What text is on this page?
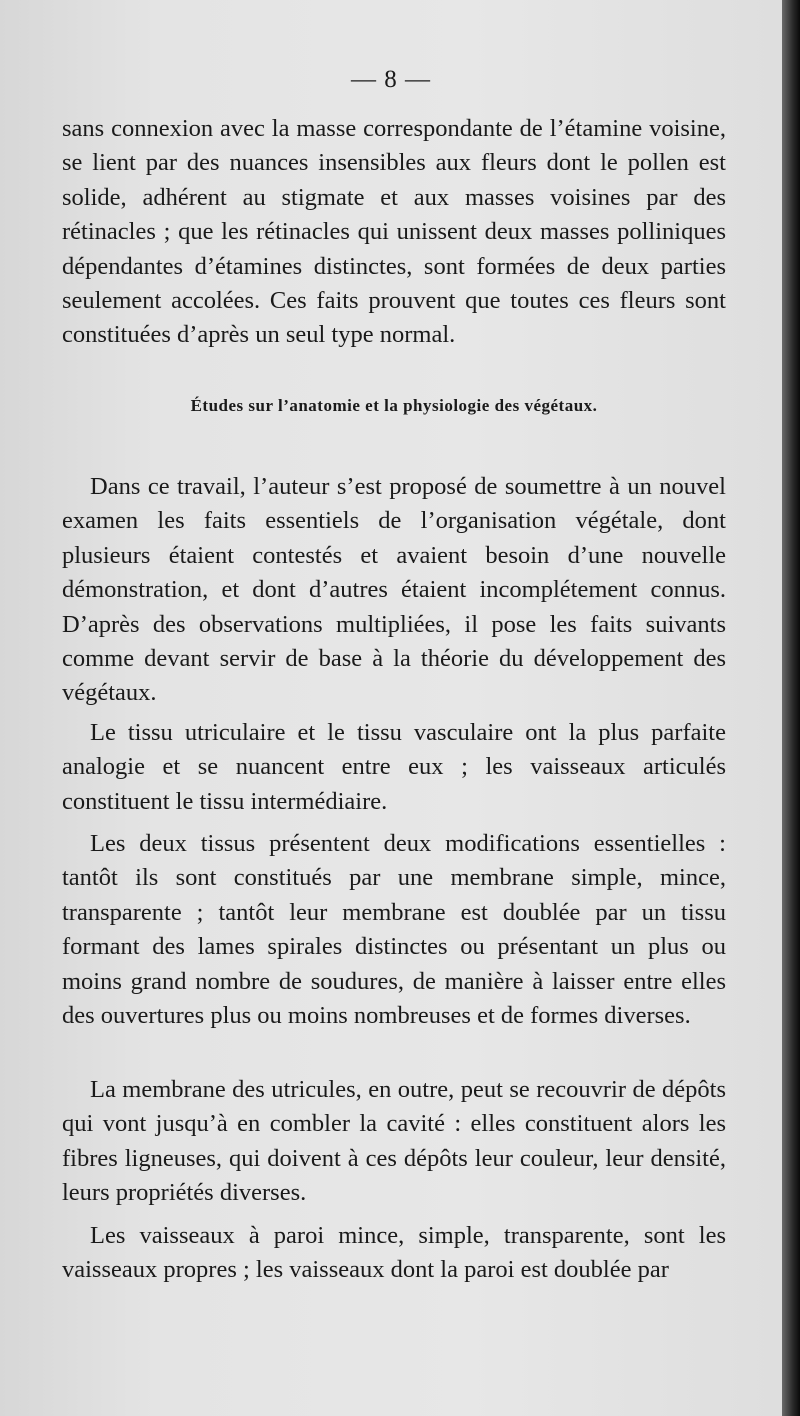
— 8 —

sans connexion avec la masse correspondante de l’étamine voisine, se lient par des nuances insensibles aux fleurs dont le pollen est solide, adhérent au stigmate et aux masses voisines par des rétinacles ; que les rétinacles qui unissent deux masses polliniques dépendantes d’étamines distinctes, sont formées de deux parties seulement accolées. Ces faits prouvent que toutes ces fleurs sont constituées d’après un seul type normal.

Études sur l’anatomie et la physiologie des végétaux.

Dans ce travail, l’auteur s’est proposé de soumettre à un nouvel examen les faits essentiels de l’organisation végétale, dont plusieurs étaient contestés et avaient besoin d’une nouvelle démonstration, et dont d’autres étaient incomplétement connus. D’après des observations multipliées, il pose les faits suivants comme devant servir de base à la théorie du développement des végétaux.

Le tissu utriculaire et le tissu vasculaire ont la plus parfaite analogie et se nuancent entre eux ; les vaisseaux articulés constituent le tissu intermédiaire.

Les deux tissus présentent deux modifications essentielles : tantôt ils sont constitués par une membrane simple, mince, transparente ; tantôt leur membrane est doublée par un tissu formant des lames spirales distinctes ou présentant un plus ou moins grand nombre de soudures, de manière à laisser entre elles des ouvertures plus ou moins nombreuses et de formes diverses.

La membrane des utricules, en outre, peut se recouvrir de dépôts qui vont jusqu’à en combler la cavité : elles constituent alors les fibres ligneuses, qui doivent à ces dépôts leur couleur, leur densité, leurs propriétés diverses.

Les vaisseaux à paroi mince, simple, transparente, sont les vaisseaux propres ; les vaisseaux dont la paroi est doublée par
